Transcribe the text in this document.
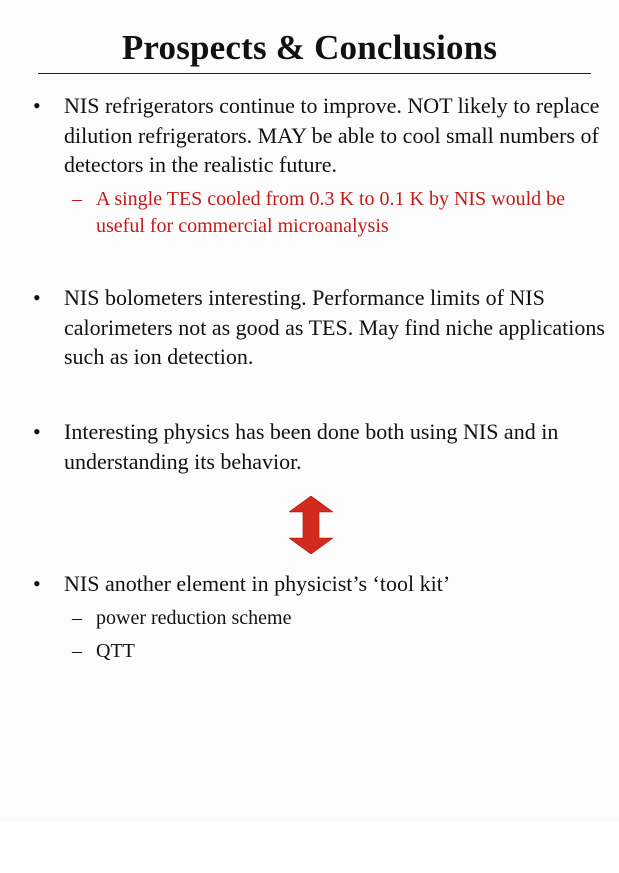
Prospects & Conclusions
• NIS refrigerators continue to improve. NOT likely to replace dilution refrigerators. MAY be able to cool small numbers of detectors in the realistic future.
– A single TES cooled from 0.3 K to 0.1 K by NIS would be useful for commercial microanalysis
• NIS bolometers interesting. Performance limits of NIS calorimeters not as good as TES. May find niche applications such as ion detection.
• Interesting physics has been done both using NIS and in understanding its behavior.
• NIS another element in physicist’s ‘tool kit’
– power reduction scheme
– QTT
